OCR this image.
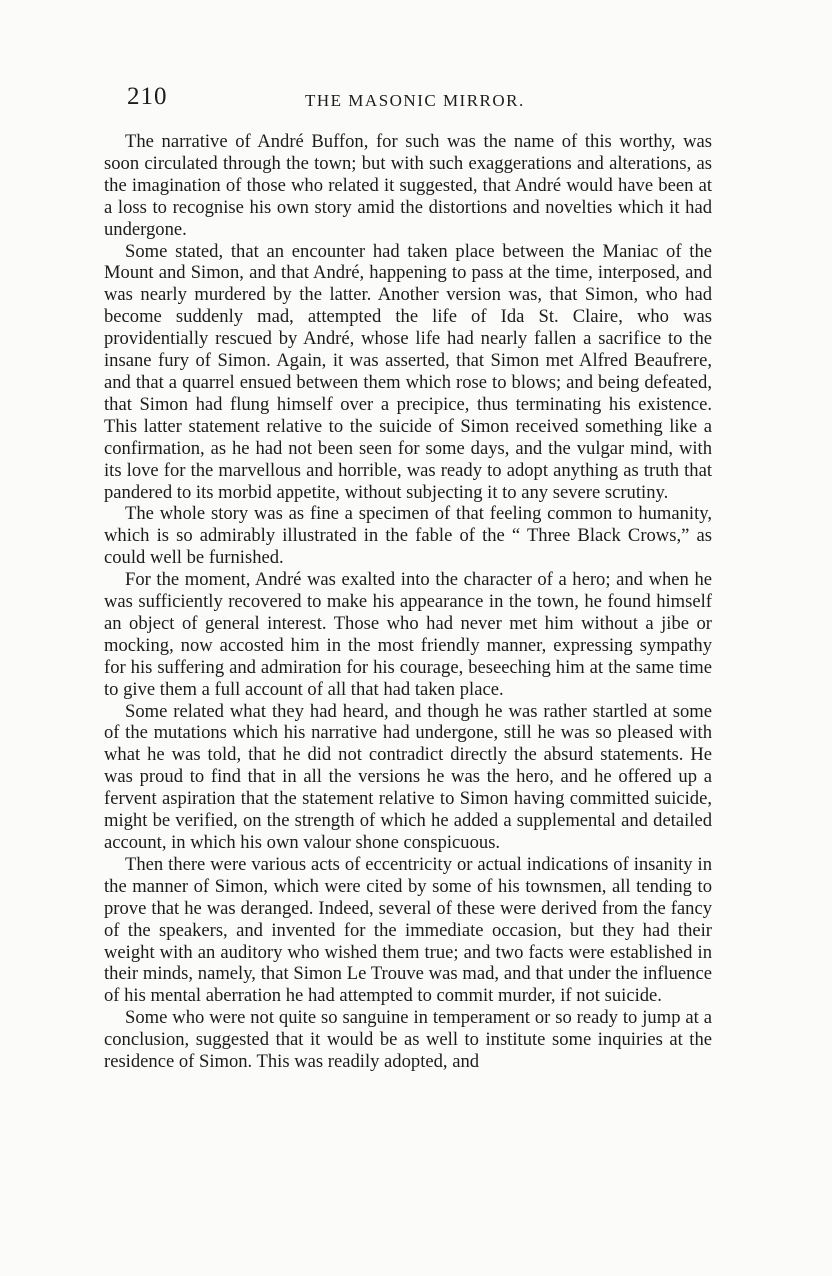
210	THE MASONIC MIRROR.

The narrative of André Buffon, for such was the name of this worthy, was soon circulated through the town; but with such exaggerations and alterations, as the imagination of those who related it suggested, that André would have been at a loss to recognise his own story amid the distortions and novelties which it had undergone.

Some stated, that an encounter had taken place between the Maniac of the Mount and Simon, and that André, happening to pass at the time, interposed, and was nearly murdered by the latter. Another version was, that Simon, who had become suddenly mad, attempted the life of Ida St. Claire, who was providentially rescued by André, whose life had nearly fallen a sacrifice to the insane fury of Simon. Again, it was asserted, that Simon met Alfred Beaufrere, and that a quarrel ensued between them which rose to blows; and being defeated, that Simon had flung himself over a precipice, thus terminating his existence. This latter statement relative to the suicide of Simon received something like a confirmation, as he had not been seen for some days, and the vulgar mind, with its love for the marvellous and horrible, was ready to adopt anything as truth that pandered to its morbid appetite, without subjecting it to any severe scrutiny.

The whole story was as fine a specimen of that feeling common to humanity, which is so admirably illustrated in the fable of the “ Three Black Crows,” as could well be furnished.

For the moment, André was exalted into the character of a hero; and when he was sufficiently recovered to make his appearance in the town, he found himself an object of general interest. Those who had never met him without a jibe or mocking, now accosted him in the most friendly manner, expressing sympathy for his suffering and admiration for his courage, beseeching him at the same time to give them a full account of all that had taken place.

Some related what they had heard, and though he was rather startled at some of the mutations which his narrative had undergone, still he was so pleased with what he was told, that he did not contradict directly the absurd statements. He was proud to find that in all the versions he was the hero, and he offered up a fervent aspiration that the statement relative to Simon having committed suicide, might be verified, on the strength of which he added a supplemental and detailed account, in which his own valour shone conspicuous.

Then there were various acts of eccentricity or actual indications of insanity in the manner of Simon, which were cited by some of his townsmen, all tending to prove that he was deranged. Indeed, several of these were derived from the fancy of the speakers, and invented for the immediate occasion, but they had their weight with an auditory who wished them true; and two facts were established in their minds, namely, that Simon Le Trouve was mad, and that under the influence of his mental aberration he had attempted to commit murder, if not suicide.

Some who were not quite so sanguine in temperament or so ready to jump at a conclusion, suggested that it would be as well to institute some inquiries at the residence of Simon. This was readily adopted, and
